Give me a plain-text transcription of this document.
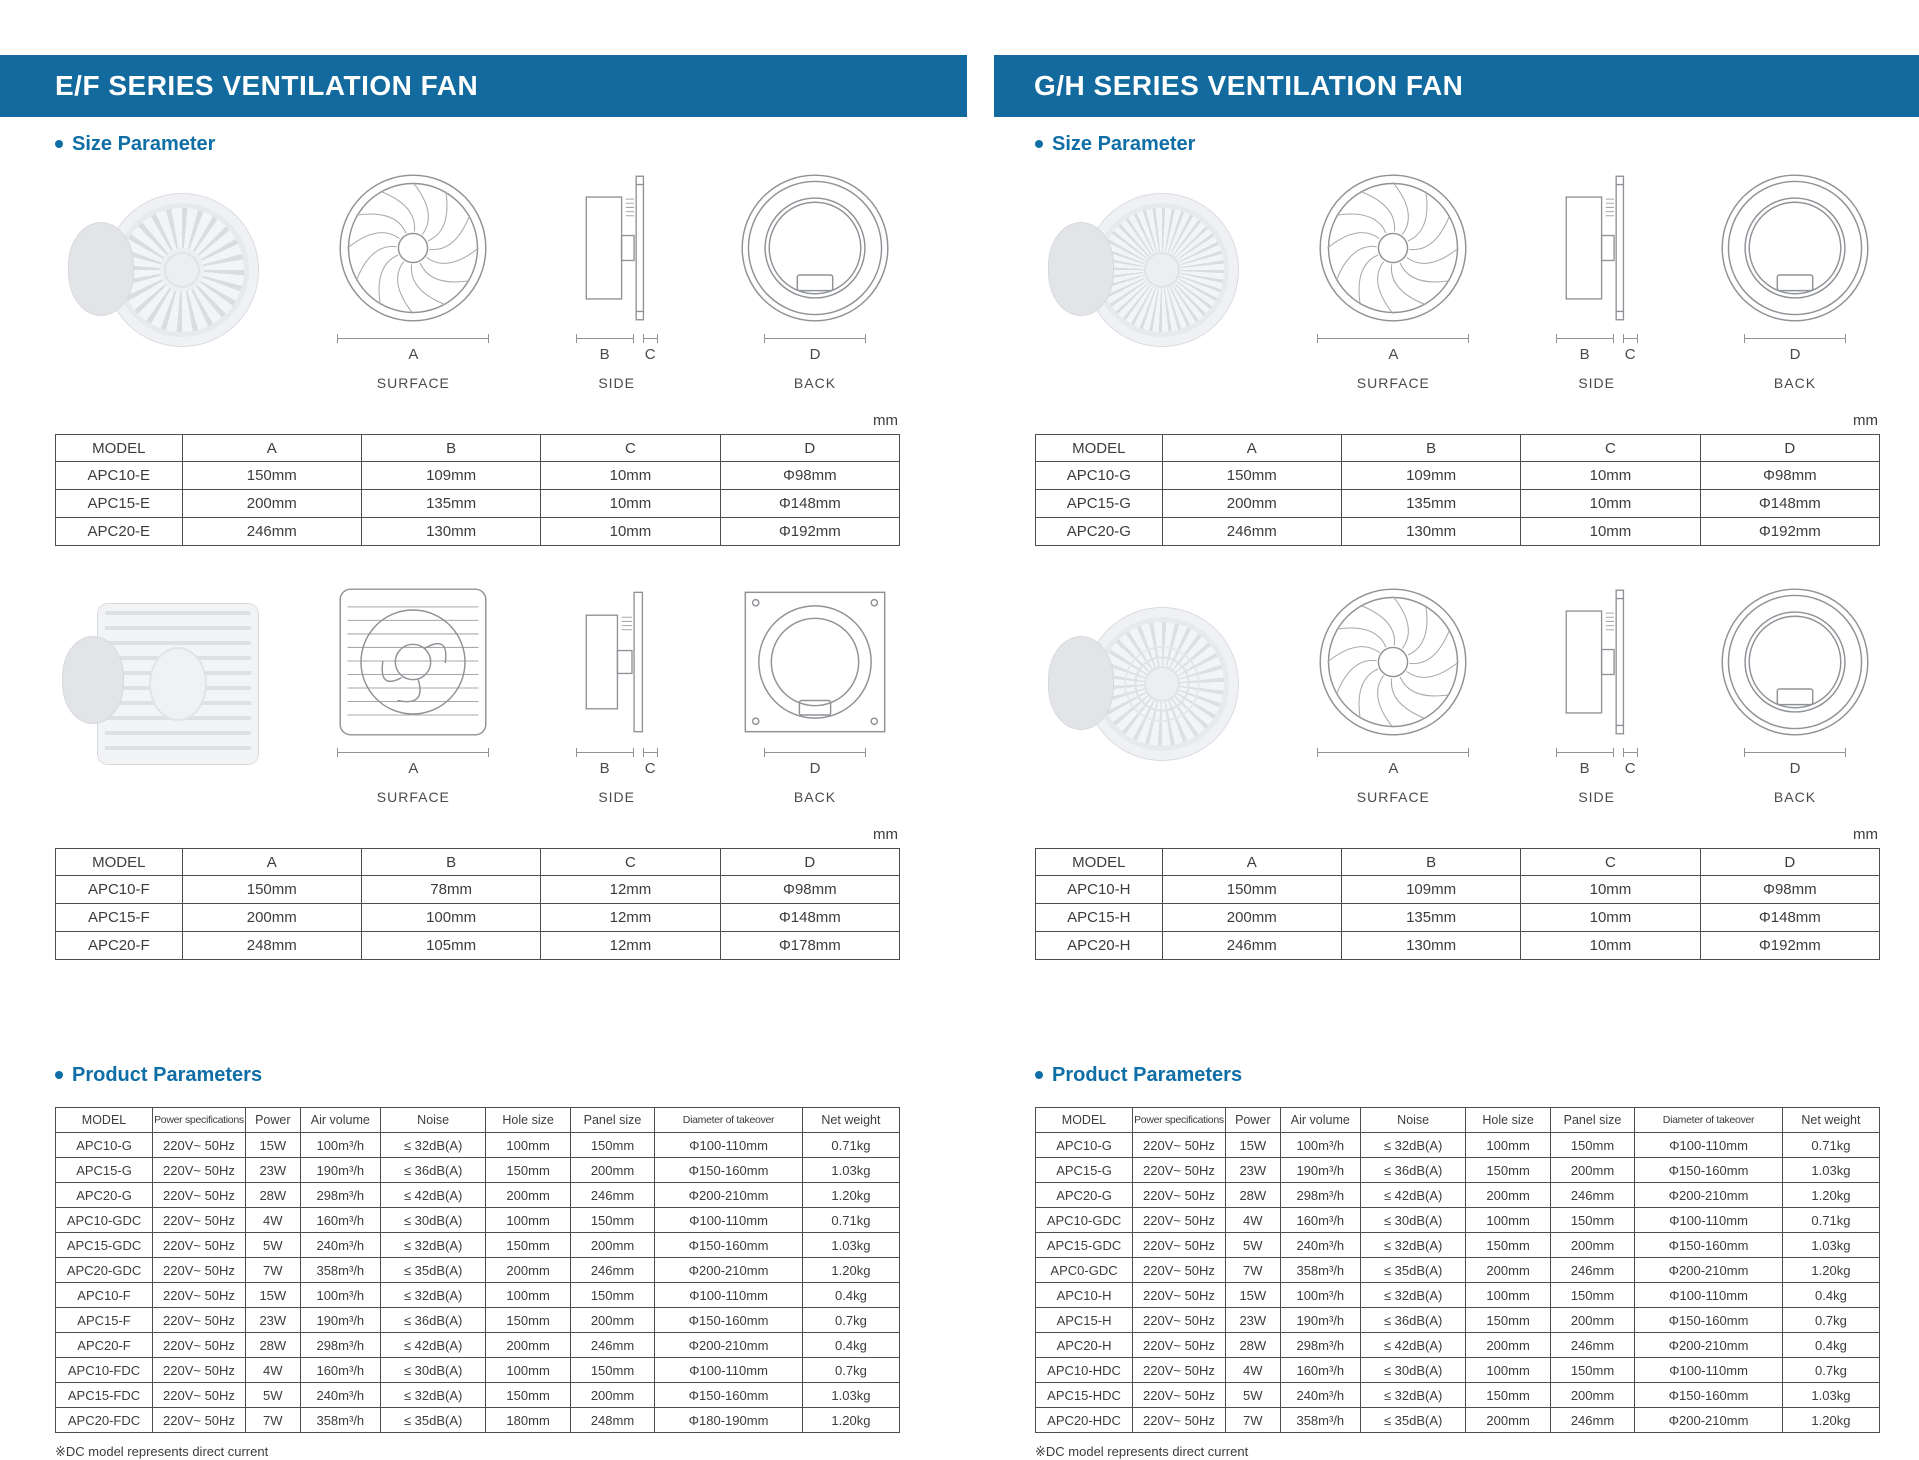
E/F SERIES VENTILATION FAN	G/H SERIES VENTILATION FAN
Size Parameter
A
SURFACE
B	C
SIDE
D
BACK
mm
MODEL	A	B	C	D
APC10-E	150mm	109mm	10mm	Φ98mm
APC15-E	200mm	135mm	10mm	Φ148mm
APC20-E	246mm	130mm	10mm	Φ192mm
A
SURFACE
B	C
SIDE
D
BACK
mm
MODEL	A	B	C	D
APC10-F	150mm	78mm	12mm	Φ98mm
APC15-F	200mm	100mm	12mm	Φ148mm
APC20-F	248mm	105mm	12mm	Φ178mm
Product Parameters
MODEL	Power specifications	Power	Air volume	Noise	Hole size	Panel size	Diameter of takeover	Net weight
APC10-G	220V~ 50Hz	15W	100m³/h	≤ 32dB(A)	100mm	150mm	Φ100-110mm	0.71kg
APC15-G	220V~ 50Hz	23W	190m³/h	≤ 36dB(A)	150mm	200mm	Φ150-160mm	1.03kg
APC20-G	220V~ 50Hz	28W	298m³/h	≤ 42dB(A)	200mm	246mm	Φ200-210mm	1.20kg
APC10-GDC	220V~ 50Hz	4W	160m³/h	≤ 30dB(A)	100mm	150mm	Φ100-110mm	0.71kg
APC15-GDC	220V~ 50Hz	5W	240m³/h	≤ 32dB(A)	150mm	200mm	Φ150-160mm	1.03kg
APC20-GDC	220V~ 50Hz	7W	358m³/h	≤ 35dB(A)	200mm	246mm	Φ200-210mm	1.20kg
APC10-F	220V~ 50Hz	15W	100m³/h	≤ 32dB(A)	100mm	150mm	Φ100-110mm	0.4kg
APC15-F	220V~ 50Hz	23W	190m³/h	≤ 36dB(A)	150mm	200mm	Φ150-160mm	0.7kg
APC20-F	220V~ 50Hz	28W	298m³/h	≤ 42dB(A)	200mm	246mm	Φ200-210mm	0.4kg
APC10-FDC	220V~ 50Hz	4W	160m³/h	≤ 30dB(A)	100mm	150mm	Φ100-110mm	0.7kg
APC15-FDC	220V~ 50Hz	5W	240m³/h	≤ 32dB(A)	150mm	200mm	Φ150-160mm	1.03kg
APC20-FDC	220V~ 50Hz	7W	358m³/h	≤ 35dB(A)	180mm	248mm	Φ180-190mm	1.20kg
※DC model represents direct current
Size Parameter
A
SURFACE
B	C
SIDE
D
BACK
mm
MODEL	A	B	C	D
APC10-G	150mm	109mm	10mm	Φ98mm
APC15-G	200mm	135mm	10mm	Φ148mm
APC20-G	246mm	130mm	10mm	Φ192mm
A
SURFACE
B	C
SIDE
D
BACK
mm
MODEL	A	B	C	D
APC10-H	150mm	109mm	10mm	Φ98mm
APC15-H	200mm	135mm	10mm	Φ148mm
APC20-H	246mm	130mm	10mm	Φ192mm
Product Parameters
MODEL	Power specifications	Power	Air volume	Noise	Hole size	Panel size	Diameter of takeover	Net weight
APC10-G	220V~ 50Hz	15W	100m³/h	≤ 32dB(A)	100mm	150mm	Φ100-110mm	0.71kg
APC15-G	220V~ 50Hz	23W	190m³/h	≤ 36dB(A)	150mm	200mm	Φ150-160mm	1.03kg
APC20-G	220V~ 50Hz	28W	298m³/h	≤ 42dB(A)	200mm	246mm	Φ200-210mm	1.20kg
APC10-GDC	220V~ 50Hz	4W	160m³/h	≤ 30dB(A)	100mm	150mm	Φ100-110mm	0.71kg
APC15-GDC	220V~ 50Hz	5W	240m³/h	≤ 32dB(A)	150mm	200mm	Φ150-160mm	1.03kg
APC0-GDC	220V~ 50Hz	7W	358m³/h	≤ 35dB(A)	200mm	246mm	Φ200-210mm	1.20kg
APC10-H	220V~ 50Hz	15W	100m³/h	≤ 32dB(A)	100mm	150mm	Φ100-110mm	0.4kg
APC15-H	220V~ 50Hz	23W	190m³/h	≤ 36dB(A)	150mm	200mm	Φ150-160mm	0.7kg
APC20-H	220V~ 50Hz	28W	298m³/h	≤ 42dB(A)	200mm	246mm	Φ200-210mm	0.4kg
APC10-HDC	220V~ 50Hz	4W	160m³/h	≤ 30dB(A)	100mm	150mm	Φ100-110mm	0.7kg
APC15-HDC	220V~ 50Hz	5W	240m³/h	≤ 32dB(A)	150mm	200mm	Φ150-160mm	1.03kg
APC20-HDC	220V~ 50Hz	7W	358m³/h	≤ 35dB(A)	200mm	246mm	Φ200-210mm	1.20kg
※DC model represents direct current
